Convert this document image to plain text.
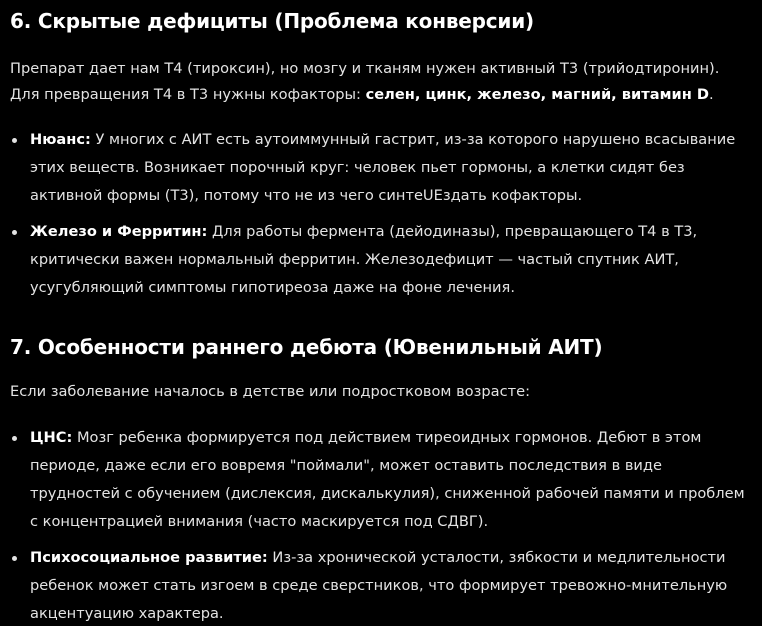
6. Скрытые дефициты (Проблема конверсии)

Препарат дает нам Т4 (тироксин), но мозгу и тканям нужен активный Т3 (трийодтиронин). Для превращения Т4 в Т3 нужны кофакторы: селен, цинк, железо, магний, витамин D.

Нюанс: У многих с АИТ есть аутоиммунный гастрит, из-за которого нарушено всасывание этих веществ. Возникает порочный круг: человек пьет гормоны, а клетки сидят без активной формы (Т3), потому что не из чего синтеUEздать кофакторы.
Железо и Ферритин: Для работы фермента (дейодиназы), превращающего Т4 в Т3, критически важен нормальный ферритин. Железодефицит — частый спутник АИТ, усугубляющий симптомы гипотиреоза даже на фоне лечения.
7. Особенности раннего дебюта (Ювенильный АИТ)

Если заболевание началось в детстве или подростковом возрасте:

ЦНС: Мозг ребенка формируется под действием тиреоидных гормонов. Дебют в этом периоде, даже если его вовремя "поймали", может оставить последствия в виде трудностей с обучением (дислексия, дискалькулия), сниженной рабочей памяти и проблем с концентрацией внимания (часто маскируется под СДВГ).
Психосоциальное развитие: Из-за хронической усталости, зябкости и медлительности ребенок может стать изгоем в среде сверстников, что формирует тревожно-мнительную акцентуацию характера.
